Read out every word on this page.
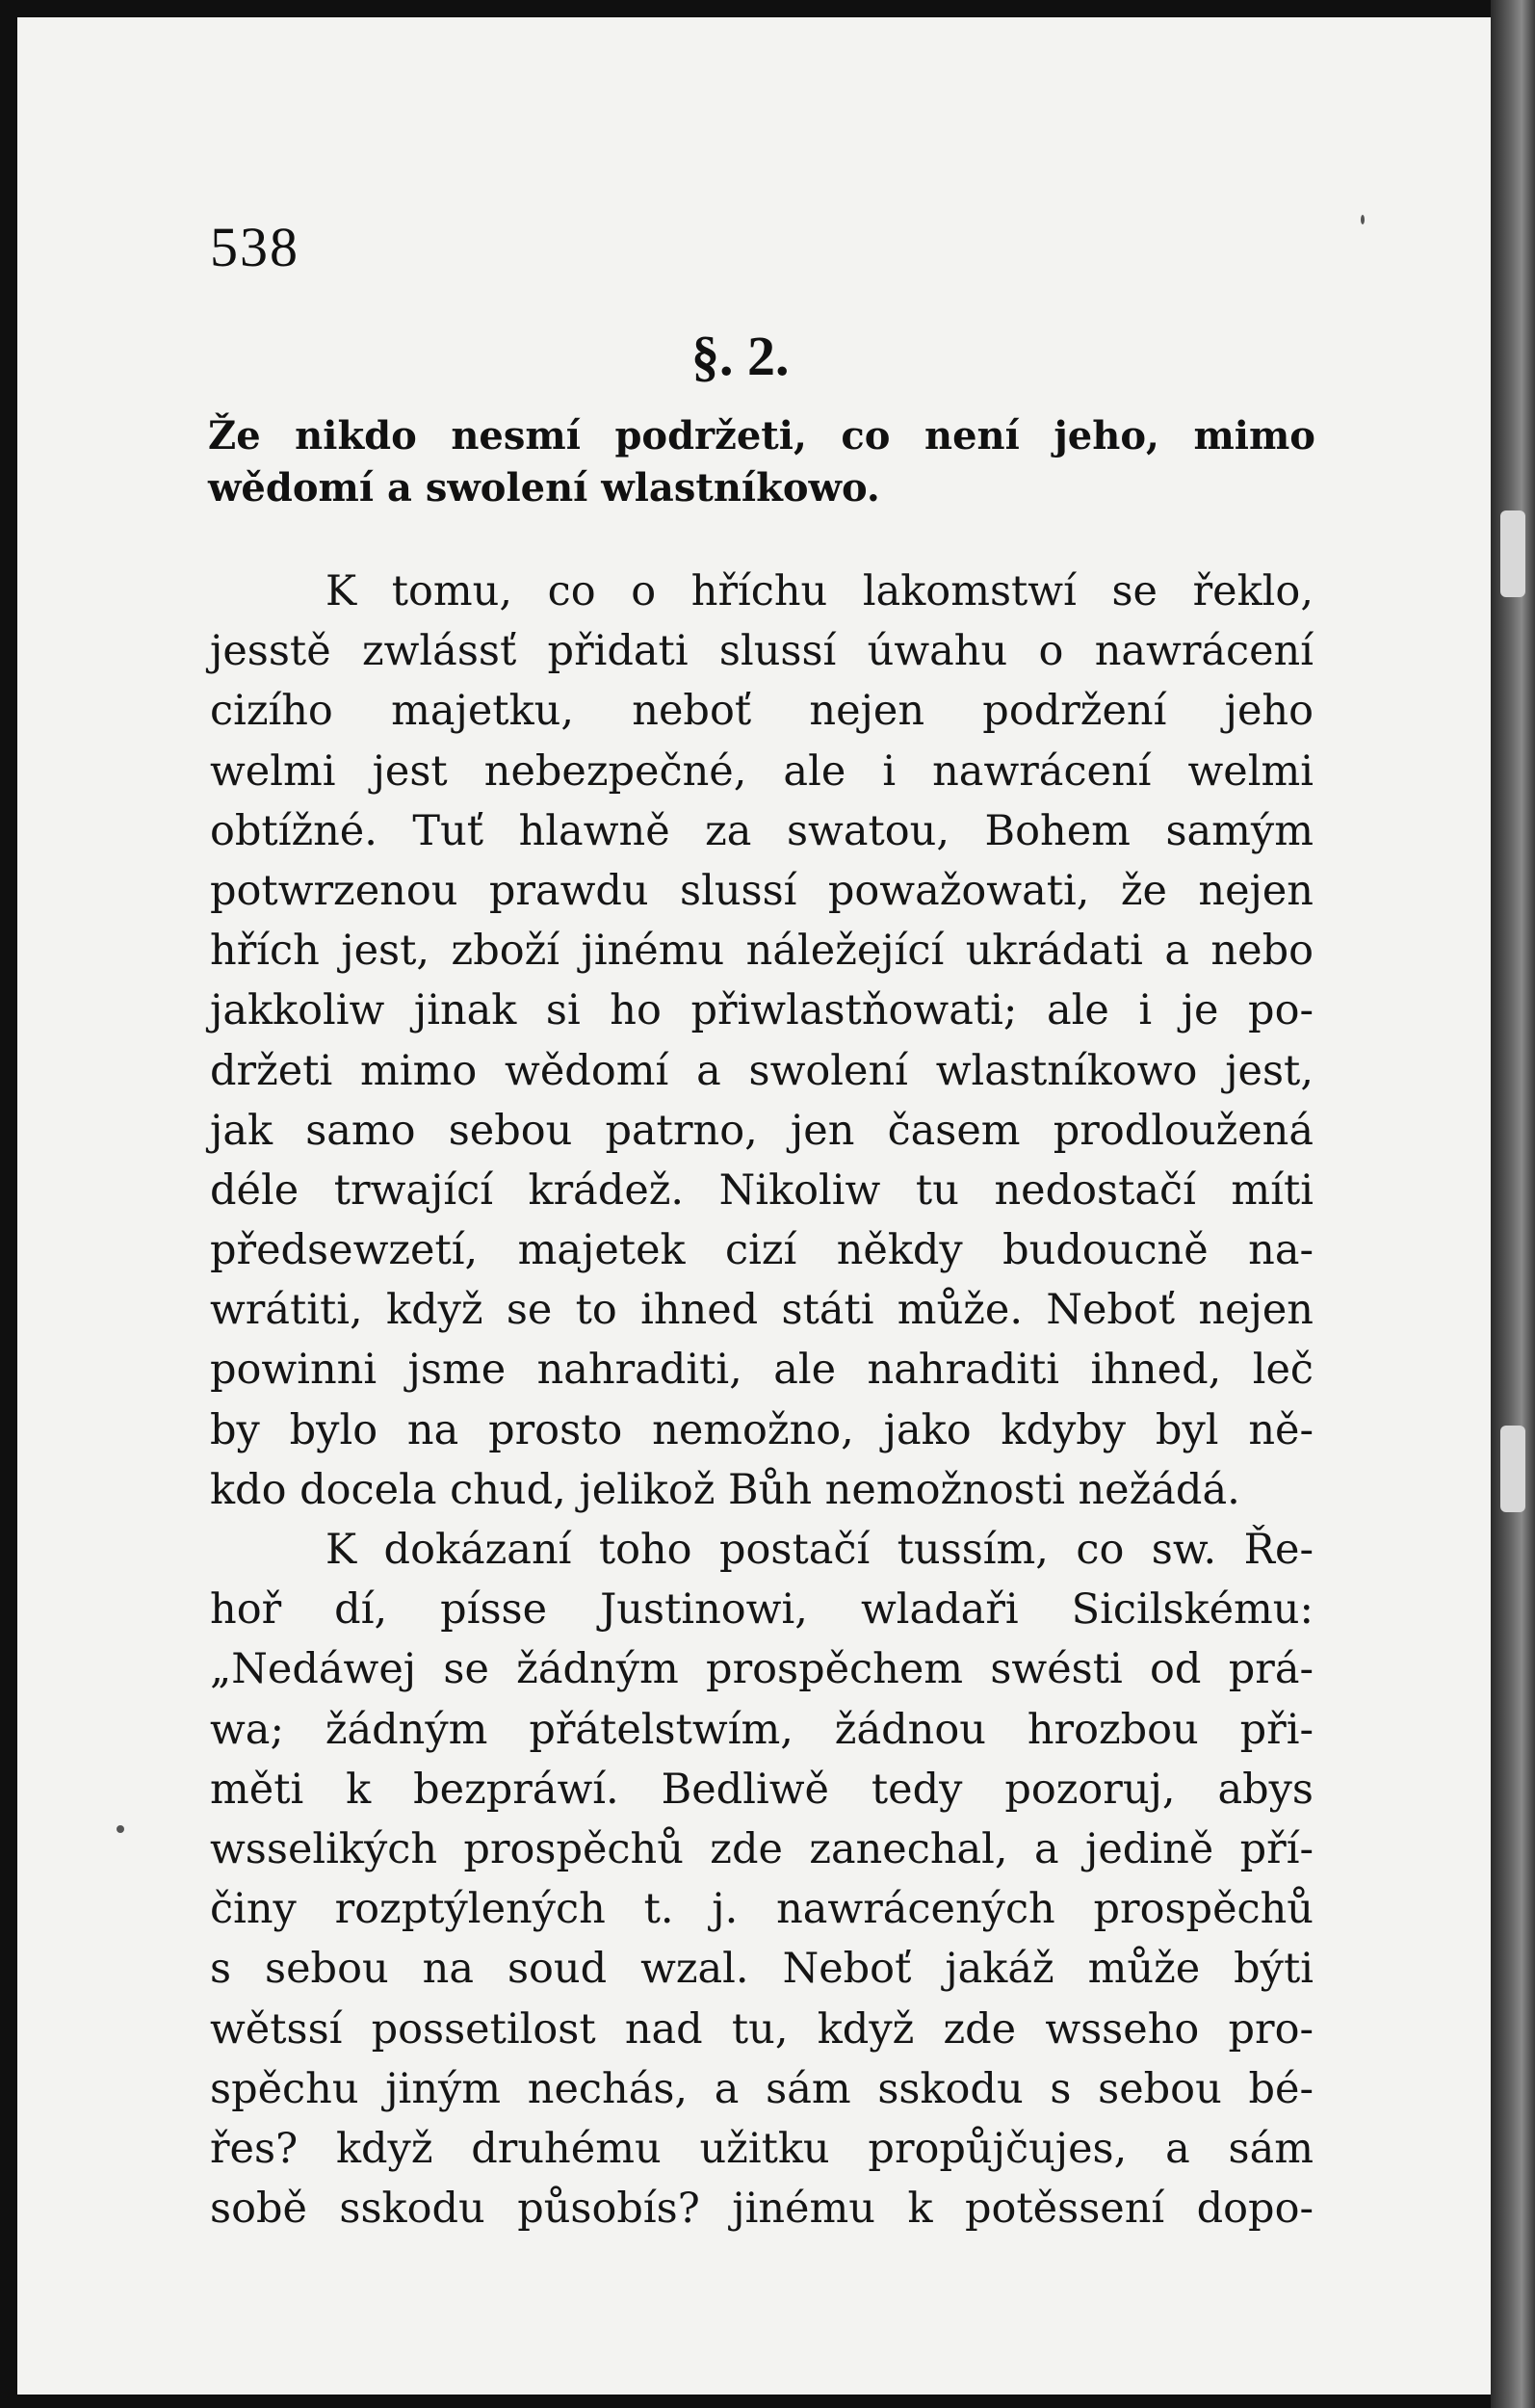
538
§. 2.
Že nikdo nesmí podržeti, co není jeho, mimo wědomí a swolení wlastníkowo.
K tomu, co o hříchu lakomstwí se řeklo,
jesstě zwlássť přidati slussí úwahu o nawrácení
cizího majetku, neboť nejen podržení jeho
welmi jest nebezpečné, ale i nawrácení welmi
obtížné. Tuť hlawně za swatou, Bohem samým
potwrzenou prawdu slussí powažowati, že nejen
hřích jest, zboží jinému náležející ukrádati a nebo
jakkoliw jinak si ho přiwlastňowati; ale i je po-
držeti mimo wědomí a swolení wlastníkowo jest,
jak samo sebou patrno, jen časem prodloužená
déle trwající krádež. Nikoliw tu nedostačí míti
předsewzetí, majetek cizí někdy budoucně na-
wrátiti, když se to ihned státi může. Neboť nejen
powinni jsme nahraditi, ale nahraditi ihned, leč
by bylo na prosto nemožno, jako kdyby byl ně-
kdo docela chud, jelikož Bůh nemožnosti nežádá.
K dokázaní toho postačí tussím, co sw. Ře-
hoř dí, písse Justinowi, wladaři Sicilskému:
„Nedáwej se žádným prospěchem swésti od prá-
wa; žádným přátelstwím, žádnou hrozbou při-
měti k bezpráwí. Bedliwě tedy pozoruj, abys
wsselikých prospěchů zde zanechal, a jedině pří-
činy rozptýlených t. j. nawrácených prospěchů
s sebou na soud wzal. Neboť jakáž může býti
wětssí possetilost nad tu, když zde wsseho pro-
spěchu jiným nechás, a sám sskodu s sebou bé-
řes? když druhému užitku propůjčujes, a sám
sobě sskodu působís? jinému k potěssení dopo-
